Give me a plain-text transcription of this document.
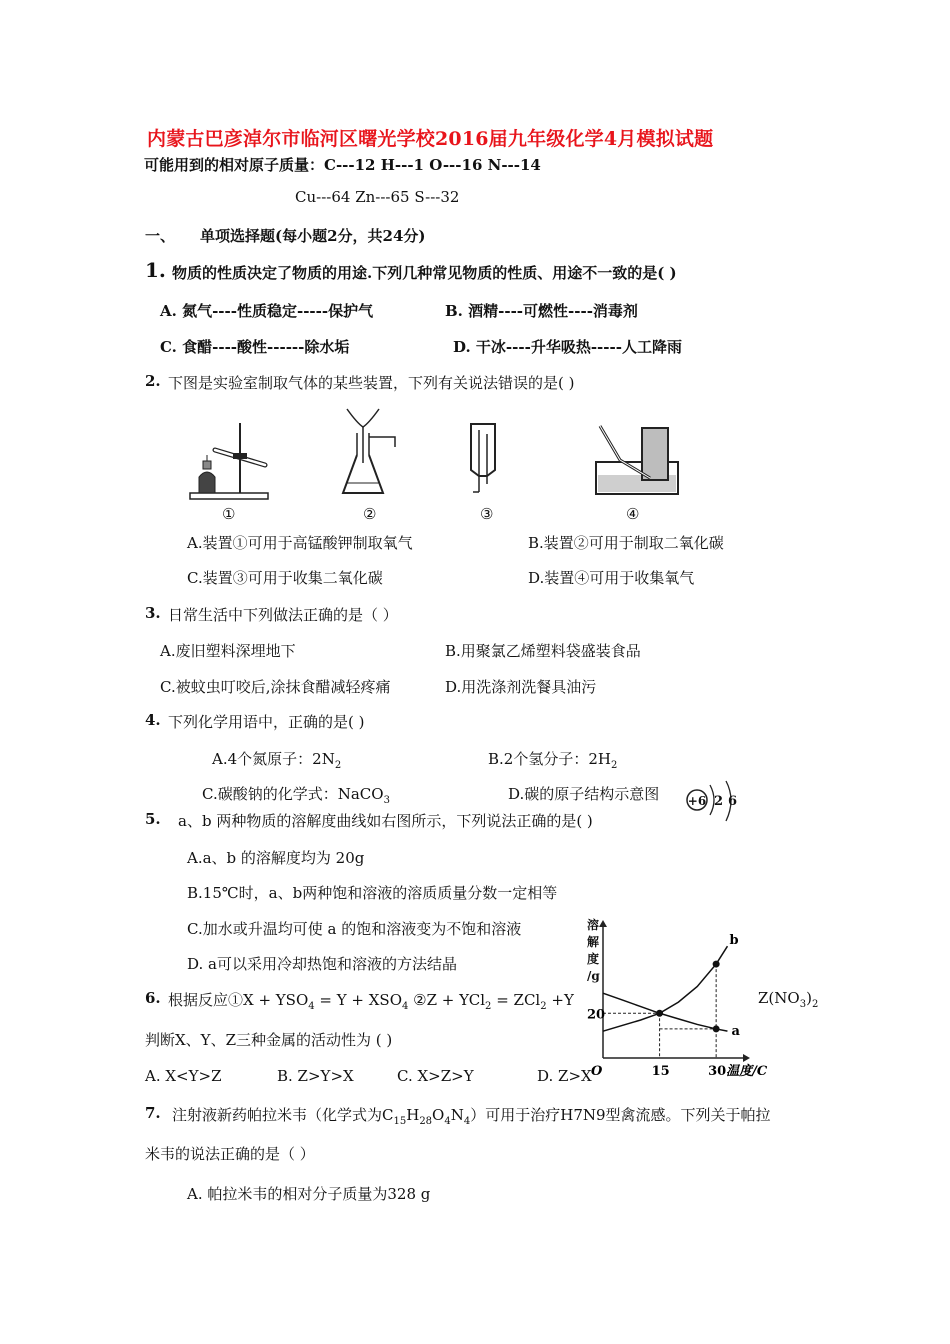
内蒙古巴彦淖尔市临河区曙光学校2016届九年级化学4月模拟试题
可能用到的相对原子质量：C---12 H---1 O---16 N---14
Cu---64 Zn---65 S---32
一、 单项选择题(每小题2分，共24分)
1. 物质的性质决定了物质的用途.下列几种常见物质的性质、用途不一致的是( )
A. 氮气----性质稳定-----保护气	B. 酒精----可燃性----消毒剂
C. 食醋----酸性------除水垢	D. 干冰----升华吸热-----人工降雨
2. 下图是实验室制取气体的某些装置，下列有关说法错误的是( )
①	②	③	④
A.装置①可用于高锰酸钾制取氧气	B.装置②可用于制取二氧化碳
C.装置③可用于收集二氧化碳	D.装置④可用于收集氧气
3. 日常生活中下列做法正确的是（ ）
A.废旧塑料深埋地下	B.用聚氯乙烯塑料袋盛装食品
C.被蚊虫叮咬后,涂抹食醋减轻疼痛	D.用洗涤剂洗餐具油污
4. 下列化学用语中，正确的是( )
A.4个氮原子：$2N_2$	B.2个氢分子：$2H_2$
C.碳酸钠的化学式：NaCO$_3$	D.碳的原子结构示意图 +6 2 6
5. a、b 两种物质的溶解度曲线如右图所示，下列说法正确的是( )
A.a、b 的溶解度均为 20g
B.15℃时，a、b两种饱和溶液的溶质质量分数一定相等
C.加水或升温均可使 a 的饱和溶液变为不饱和溶液
D. a可以采用冷却热饱和溶液的方法结晶
溶
解
度
/g
20
O	15	30 温度/C
a
b
6. 根据反应①X + $YSO_4 = Y + XSO_4$ ②Z + YCl$_2$ = ZCl$_2$ +Y	$Z(NO_3)_2$
判断X、Y、Z三种金属的活动性为 ( )
A. X<Y>Z	B. Z>Y>X	C. X>Z>Y	D. Z>X
7. 注射液新药帕拉米韦（化学式为$C_{15}H_{28}O_4N_4$）可用于治疗H7N9型禽流感。下列关于帕拉
米韦的说法正确的是（ ）
A. 帕拉米韦的相对分子质量为328 g
